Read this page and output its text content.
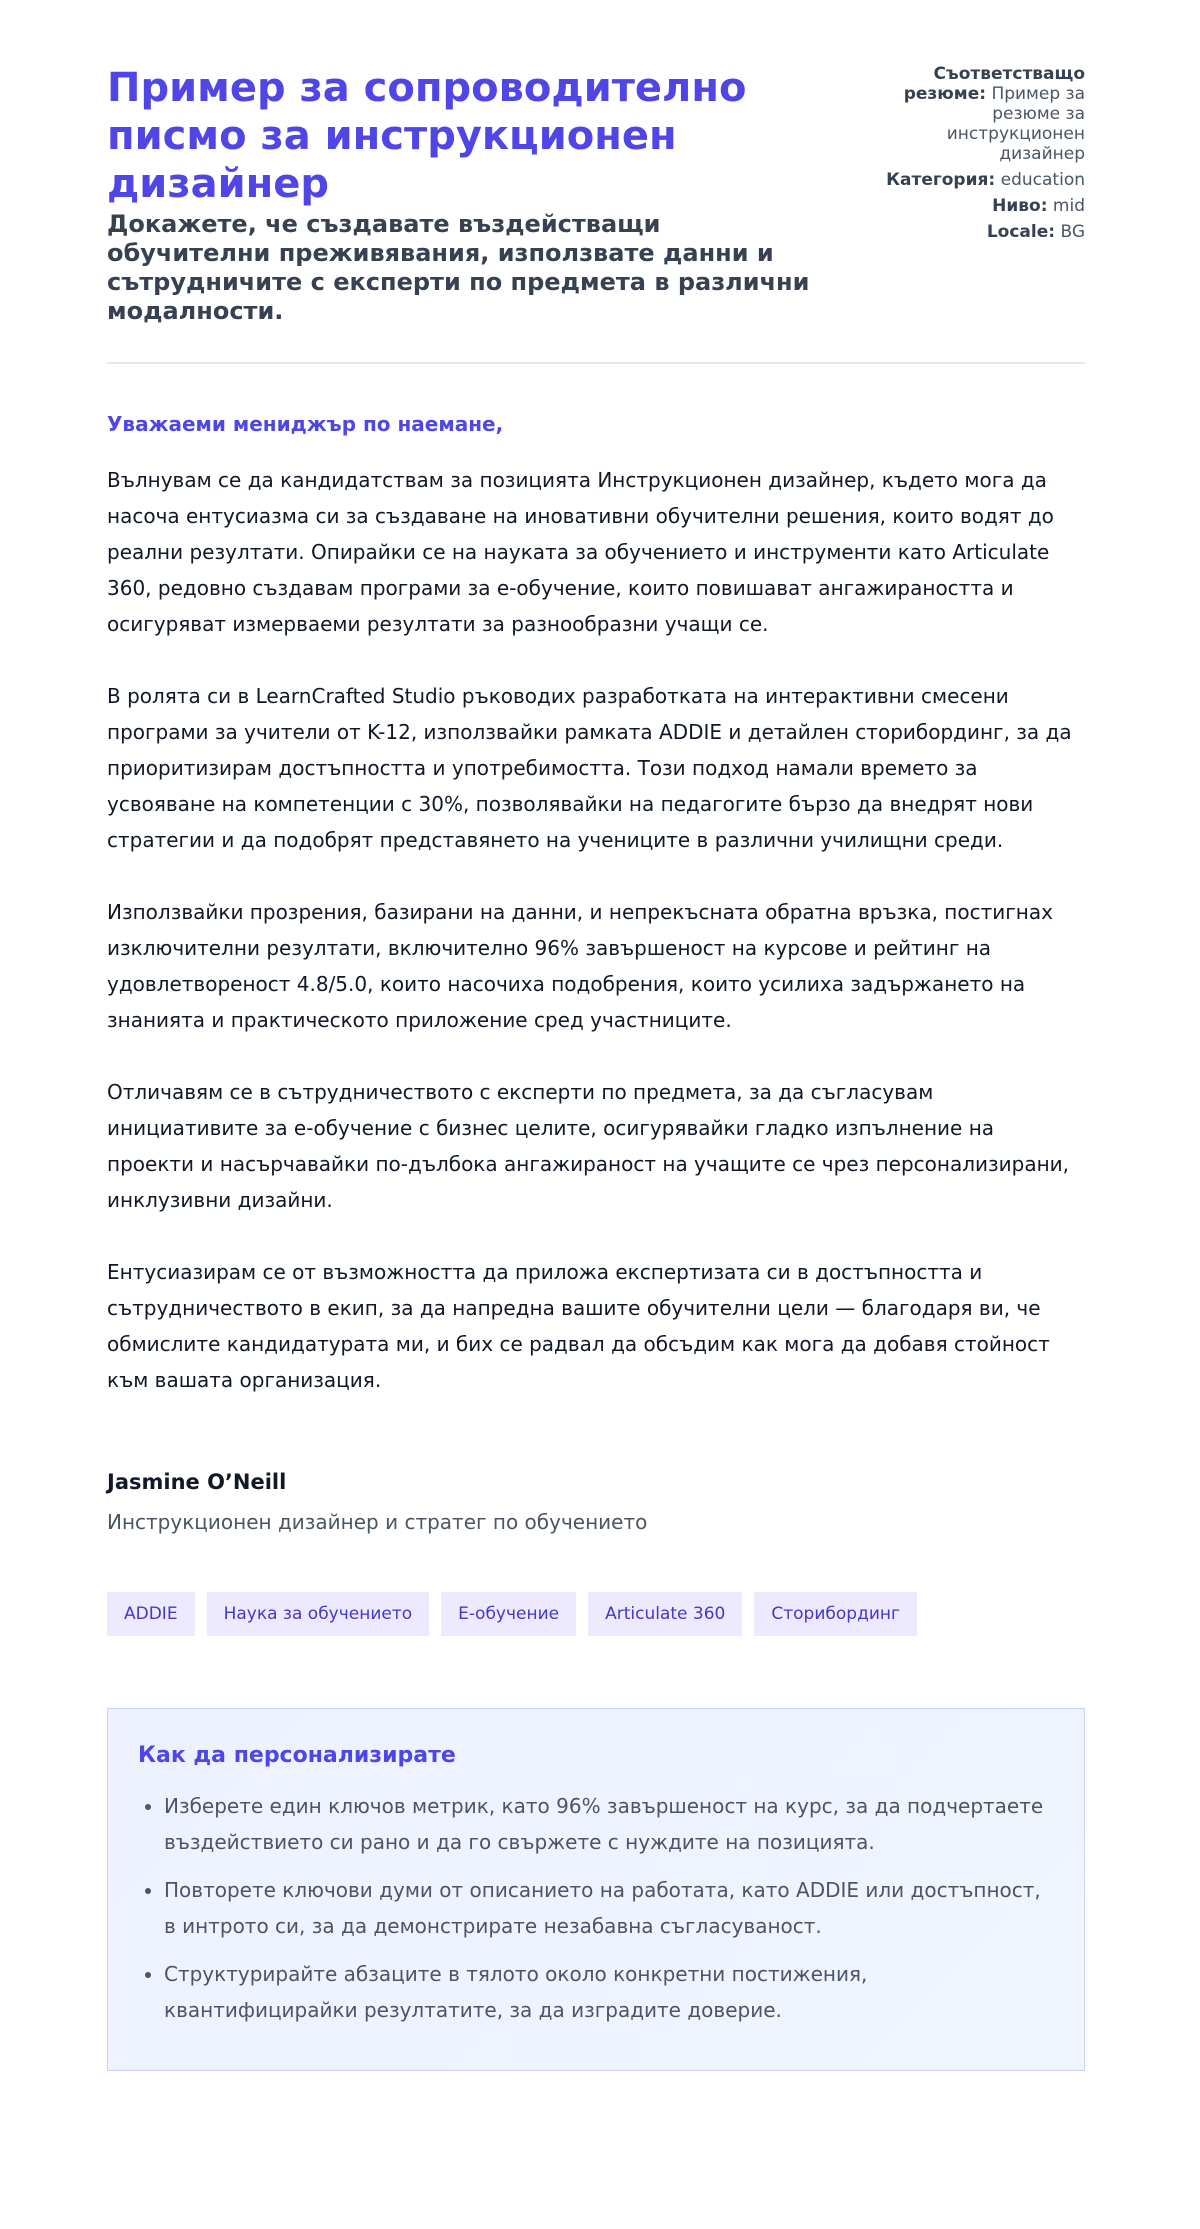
Пример за сопроводително писмо за инструкционен дизайнер
Докажете, че създавате въздействащи обучителни преживявания, използвате данни и сътрудничите с експерти по предмета в различни модалности.
Съответстващо резюме: Пример за резюме за инструкционен дизайнер
Категория: education
Ниво: mid
Locale: BG
Уважаеми мениджър по наемане,

Вълнувам се да кандидатствам за позицията Инструкционен дизайнер, където мога да насоча ентусиазма си за създаване на иновативни обучителни решения, които водят до реални резултати. Опирайки се на науката за обучението и инструменти като Articulate 360, редовно създавам програми за е-обучение, които повишават ангажираността и осигуряват измерваеми резултати за разнообразни учащи се.

В ролята си в LearnCrafted Studio ръководих разработката на интерактивни смесени програми за учители от K-12, използвайки рамката ADDIE и детайлен сторибординг, за да приоритизирам достъпността и употребимостта. Този подход намали времето за усвояване на компетенции с 30%, позволявайки на педагогите бързо да внедрят нови стратегии и да подобрят представянето на учениците в различни училищни среди.

Използвайки прозрения, базирани на данни, и непрекъсната обратна връзка, постигнах изключителни резултати, включително 96% завършеност на курсове и рейтинг на удовлетвореност 4.8/5.0, които насочиха подобрения, които усилиха задържането на знанията и практическото приложение сред участниците.

Отличавям се в сътрудничеството с експерти по предмета, за да съгласувам инициативите за е-обучение с бизнес целите, осигурявайки гладко изпълнение на проекти и насърчавайки по-дълбока ангажираност на учащите се чрез персонализирани, инклузивни дизайни.

Ентусиазирам се от възможността да приложа експертизата си в достъпността и сътрудничеството в екип, за да напредна вашите обучителни цели — благодаря ви, че обмислите кандидатурата ми, и бих се радвал да обсъдим как мога да добавя стойност към вашата организация.

Jasmine O’Neill
Инструкционен дизайнер и стратег по обучението
ADDIE	Наука за обучението	Е-обучение	Articulate 360	Сторибординг
Как да персонализирате
• Изберете един ключов метрик, като 96% завършеност на курс, за да подчертаете въздействието си рано и да го свържете с нуждите на позицията.
• Повторете ключови думи от описанието на работата, като ADDIE или достъпност, в интрото си, за да демонстрирате незабавна съгласуваност.
• Структурирайте абзаците в тялото около конкретни постижения, квантифицирайки резултатите, за да изградите доверие.
